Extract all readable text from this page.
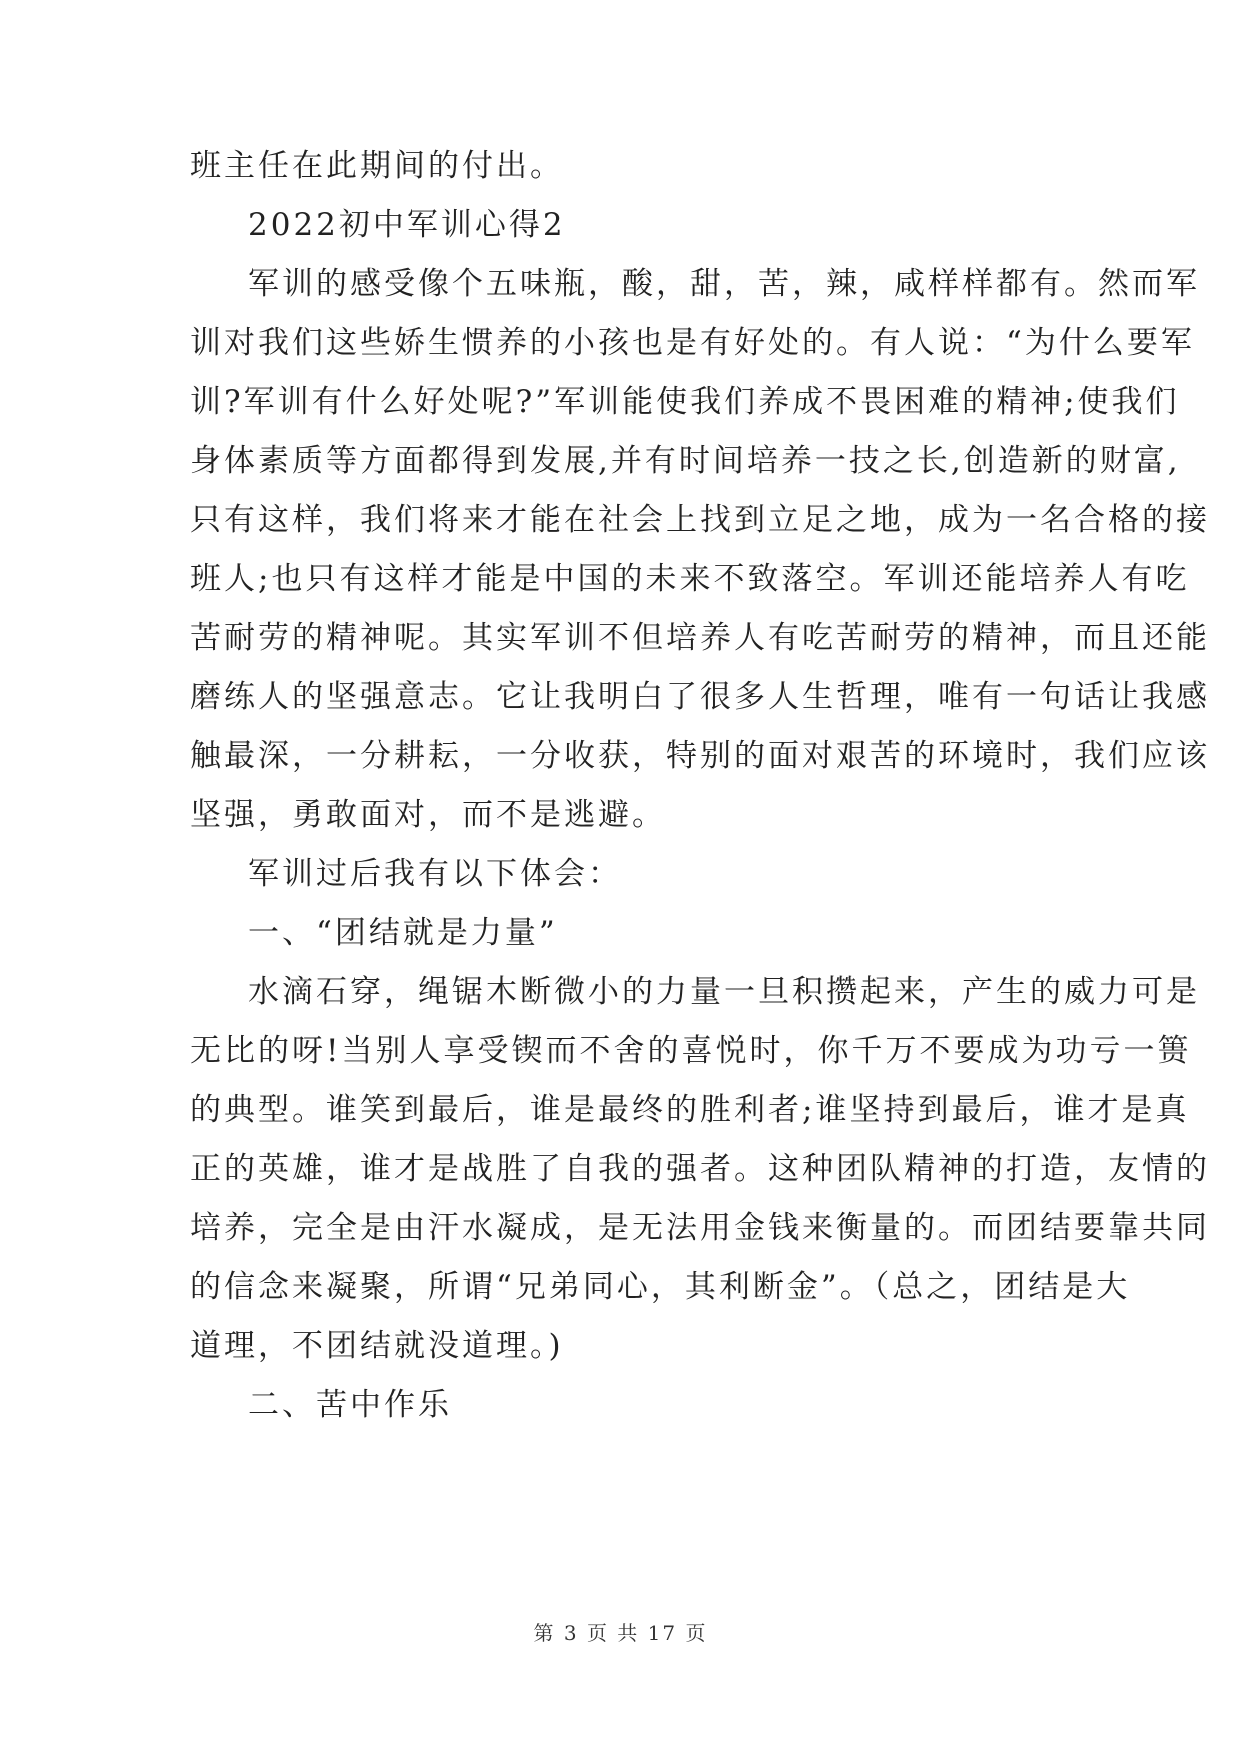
班主任在此期间的付出。
2022初中军训心得2
军训的感受像个五味瓶，酸，甜，苦，辣，咸样样都有。然而军
训对我们这些娇生惯养的小孩也是有好处的。有人说：“为什么要军
训?军训有什么好处呢?”军训能使我们养成不畏困难的精神;使我们
身体素质等方面都得到发展,并有时间培养一技之长,创造新的财富,
只有这样，我们将来才能在社会上找到立足之地，成为一名合格的接
班人;也只有这样才能是中国的未来不致落空。军训还能培养人有吃
苦耐劳的精神呢。其实军训不但培养人有吃苦耐劳的精神，而且还能
磨练人的坚强意志。它让我明白了很多人生哲理，唯有一句话让我感
触最深，一分耕耘，一分收获，特别的面对艰苦的环境时，我们应该
坚强，勇敢面对，而不是逃避。
军训过后我有以下体会：
一、“团结就是力量”
水滴石穿，绳锯木断微小的力量一旦积攒起来，产生的威力可是
无比的呀!当别人享受锲而不舍的喜悦时，你千万不要成为功亏一篑
的典型。谁笑到最后，谁是最终的胜利者;谁坚持到最后，谁才是真
正的英雄，谁才是战胜了自我的强者。这种团队精神的打造，友情的
培养，完全是由汗水凝成，是无法用金钱来衡量的。而团结要靠共同
的信念来凝聚，所谓“兄弟同心，其利断金”。（总之，团结是大
道理，不团结就没道理。)
二、苦中作乐
第 3 页 共 17 页
